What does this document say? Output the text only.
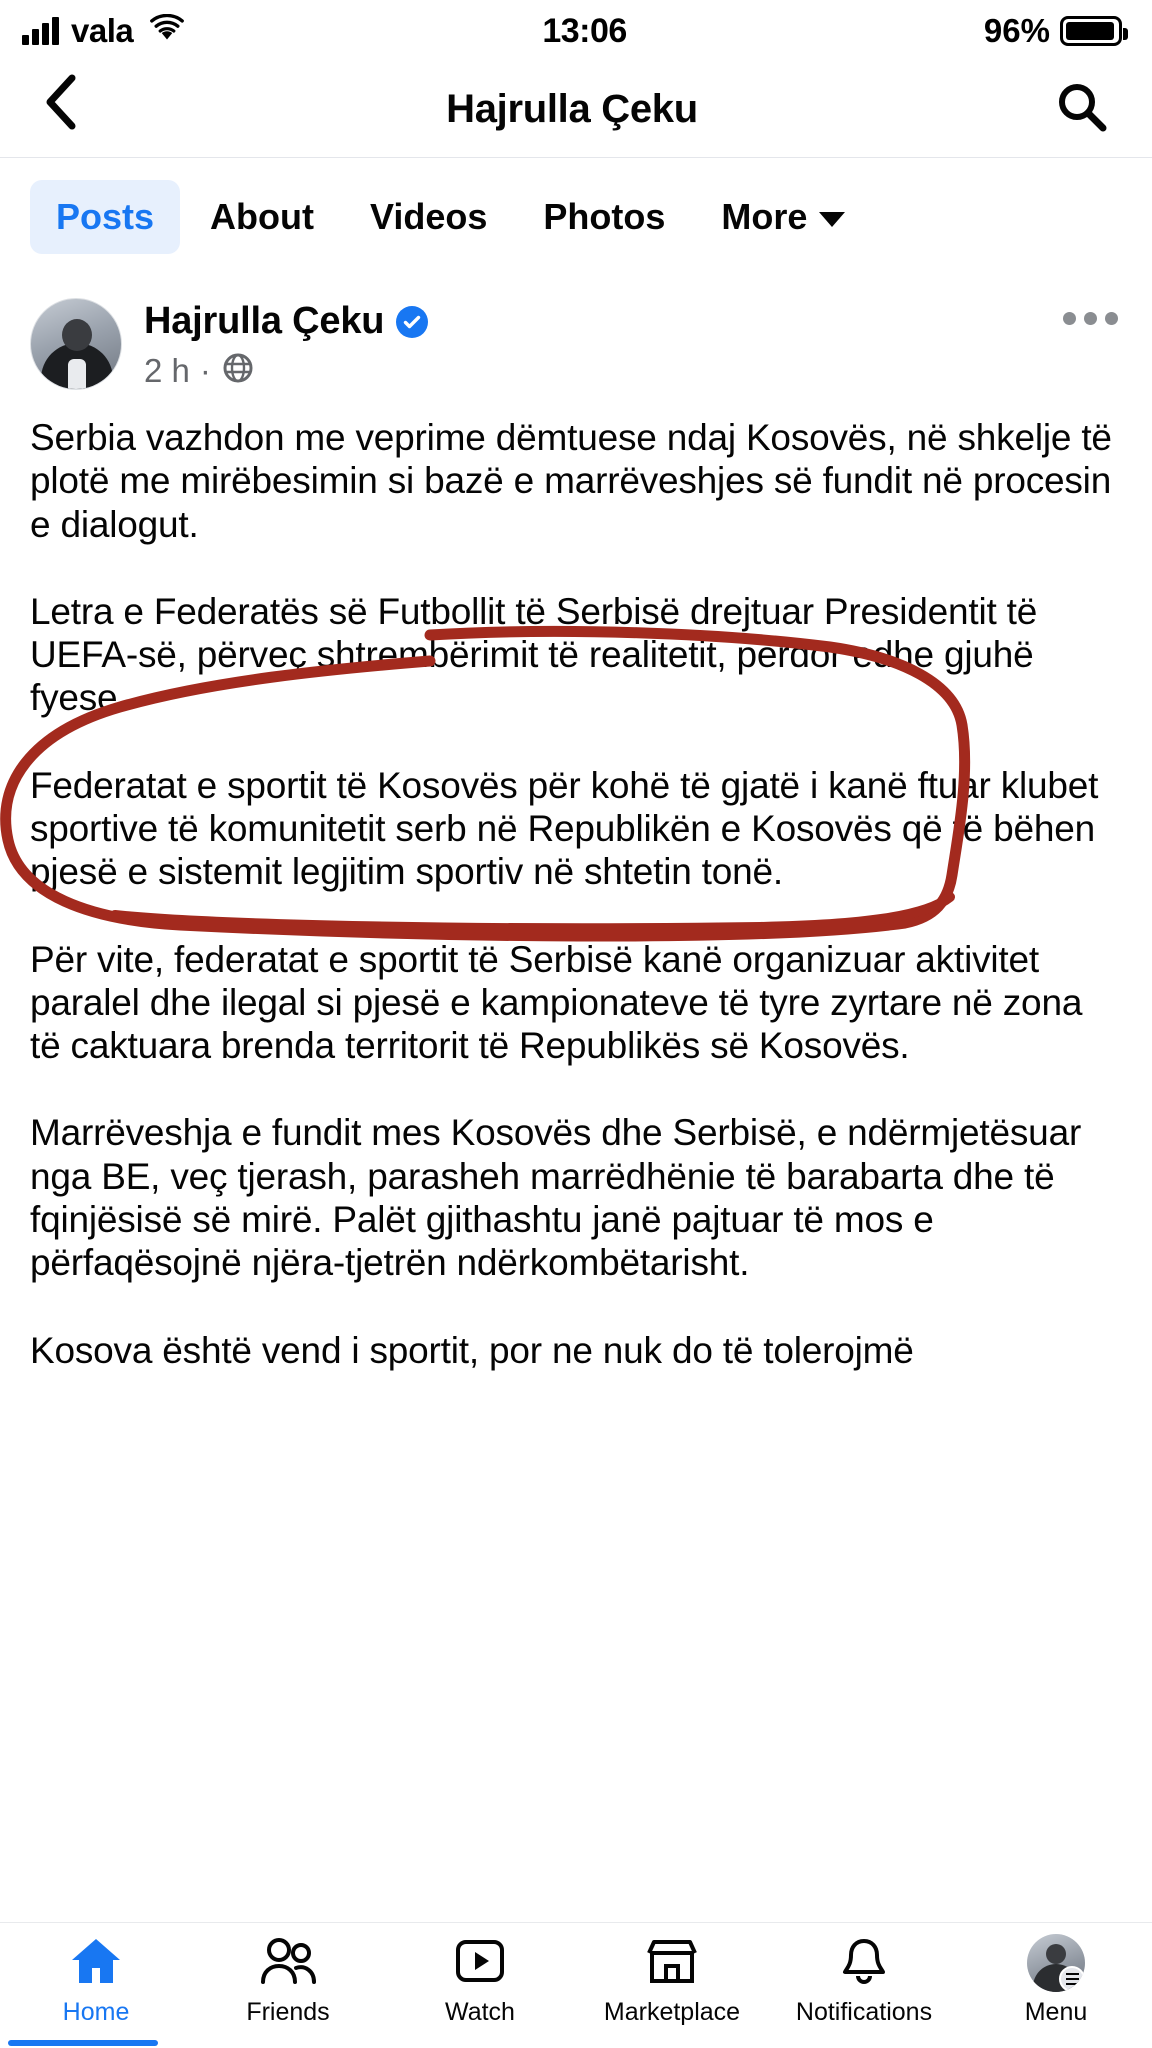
vala	13:06	96%
Hajrulla Çeku
Posts About Videos Photos More
Hajrulla Çeku
2 h ·

Serbia vazhdon me veprime dëmtuese ndaj Kosovës, në shkelje të plotë me mirëbesimin si bazë e marrëveshjes së fundit në procesin e dialogut.

Letra e Federatës së Futbollit të Serbisë drejtuar Presidentit të UEFA-së, përveç shtrembërimit të realitetit, përdor edhe gjuhë fyese.

Federatat e sportit të Kosovës për kohë të gjatë i kanë ftuar klubet sportive të komunitetit serb në Republikën e Kosovës që të bëhen pjesë e sistemit legjitim sportiv në shtetin tonë.

Për vite, federatat e sportit të Serbisë kanë organizuar aktivitet paralel dhe ilegal si pjesë e kampionateve të tyre zyrtare në zona të caktuara brenda territorit të Republikës së Kosovës.

Marrëveshja e fundit mes Kosovës dhe Serbisë, e ndërmjetësuar nga BE, veç tjerash, parasheh marrëdhënie të barabarta dhe të fqinjësisë së mirë. Palët gjithashtu janë pajtuar të mos e përfaqësojnë njëra-tjetrën ndërkombëtarisht.

Kosova është vend i sportit, por ne nuk do të tolerojmë

Home	Friends	Watch	Marketplace Notifications	Menu
